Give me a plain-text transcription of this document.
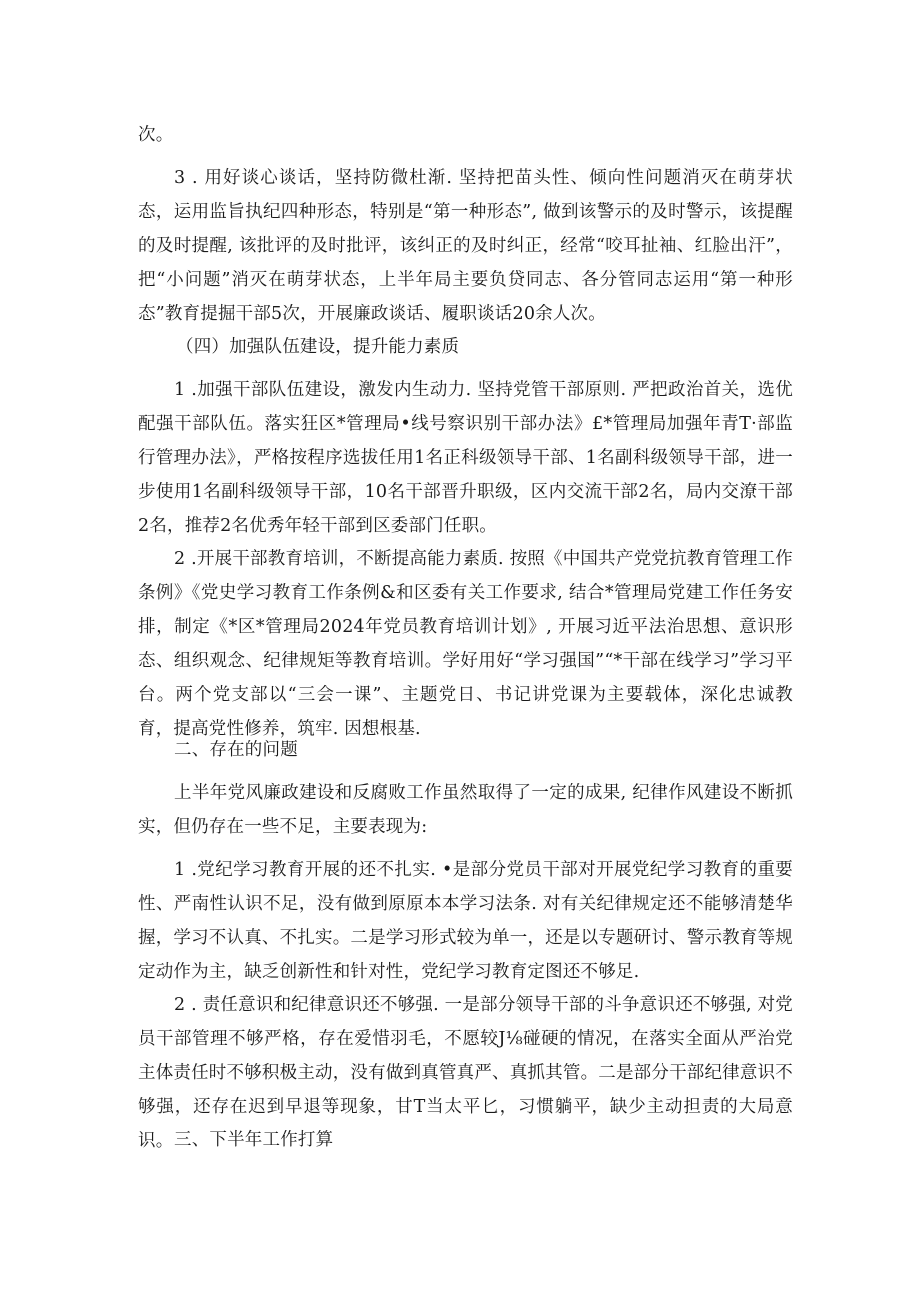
次。

3 . 用好谈心谈话，坚持防微杜渐. 坚持把苗头性、倾向性问题消灭在萌芽状态，运用监旨执纪四种形态，特别是“第一种形态”, 做到该警示的及时警示，该提醒的及时提醒, 该批评的及时批评，该纠正的及时纠正，经常“咬耳扯袖、红脸出汗”，把“小问题”消灭在萌芽状态，上半年局主要负贷同志、各分管同志运用“第一种形态”教育提掘干部5次，开展廉政谈话、履职谈话20余人次。

（四）加强队伍建设，提升能力素质

1 .加强干部队伍建设，激发内生动力. 坚持党管干部原则. 严把政治首关，选优配强干部队伍。落实狂区*管理局•线号察识别干部办法》£*管理局加强年青T·部监行管理办法》，严格按程序选拔任用1名正科级领导干部、1名副科级领导干部，进一步使用1名副科级领导干部，10名干部晋升职级，区内交流干部2名，局内交潦干部2名，推荐2名优秀年轻干部到区委部门任职。

2 .开展干部教育培训，不断提高能力素质. 按照《中国共产党党抗教育管理工作条例》《党史学习教育工作条例&和区委有关工作要求, 结合*管理局党建工作任务安排，制定《*区*管理局2024年党员教育培训计划》, 开展习近平法治思想、意识形态、组织观念、纪律规矩等教育培训。学好用好“学习强国”“*干部在线学习”学习平台。两个党支部以“三会一课”、主题党日、书记讲党课为主要载体，深化忠诚教育，提高党性修养，筑牢. 因想根基.

二、存在的问题

上半年党风廉政建设和反腐败工作虽然取得了一定的成果, 纪律作风建设不断抓实，但仍存在一些不足，主要表现为:

1 .党纪学习教育开展的还不扎实. •是部分党员干部对开展党纪学习教育的重要性、严南性认识不足，没有做到原原本本学习法条. 对有关纪律规定还不能够清楚华握，学习不认真、不扎实。二是学习形式较为单一，还是以专题研讨、警示教育等规定动作为主，缺乏创新性和针对性，党纪学习教育定图还不够足.

2 . 责任意识和纪律意识还不够强. 一是部分领导干部的斗争意识还不够强, 对党员干部管理不够严格，存在爱惜羽毛，不愿较J⅛碰硬的情况，在落实全面从严治党主体责任时不够积极主动，没有做到真管真严、真抓其管。二是部分干部纪律意识不够强，还存在迟到早退等现象，甘T当太平匕，习惯躺平，缺少主动担责的大局意识。 三、下半年工作打算
